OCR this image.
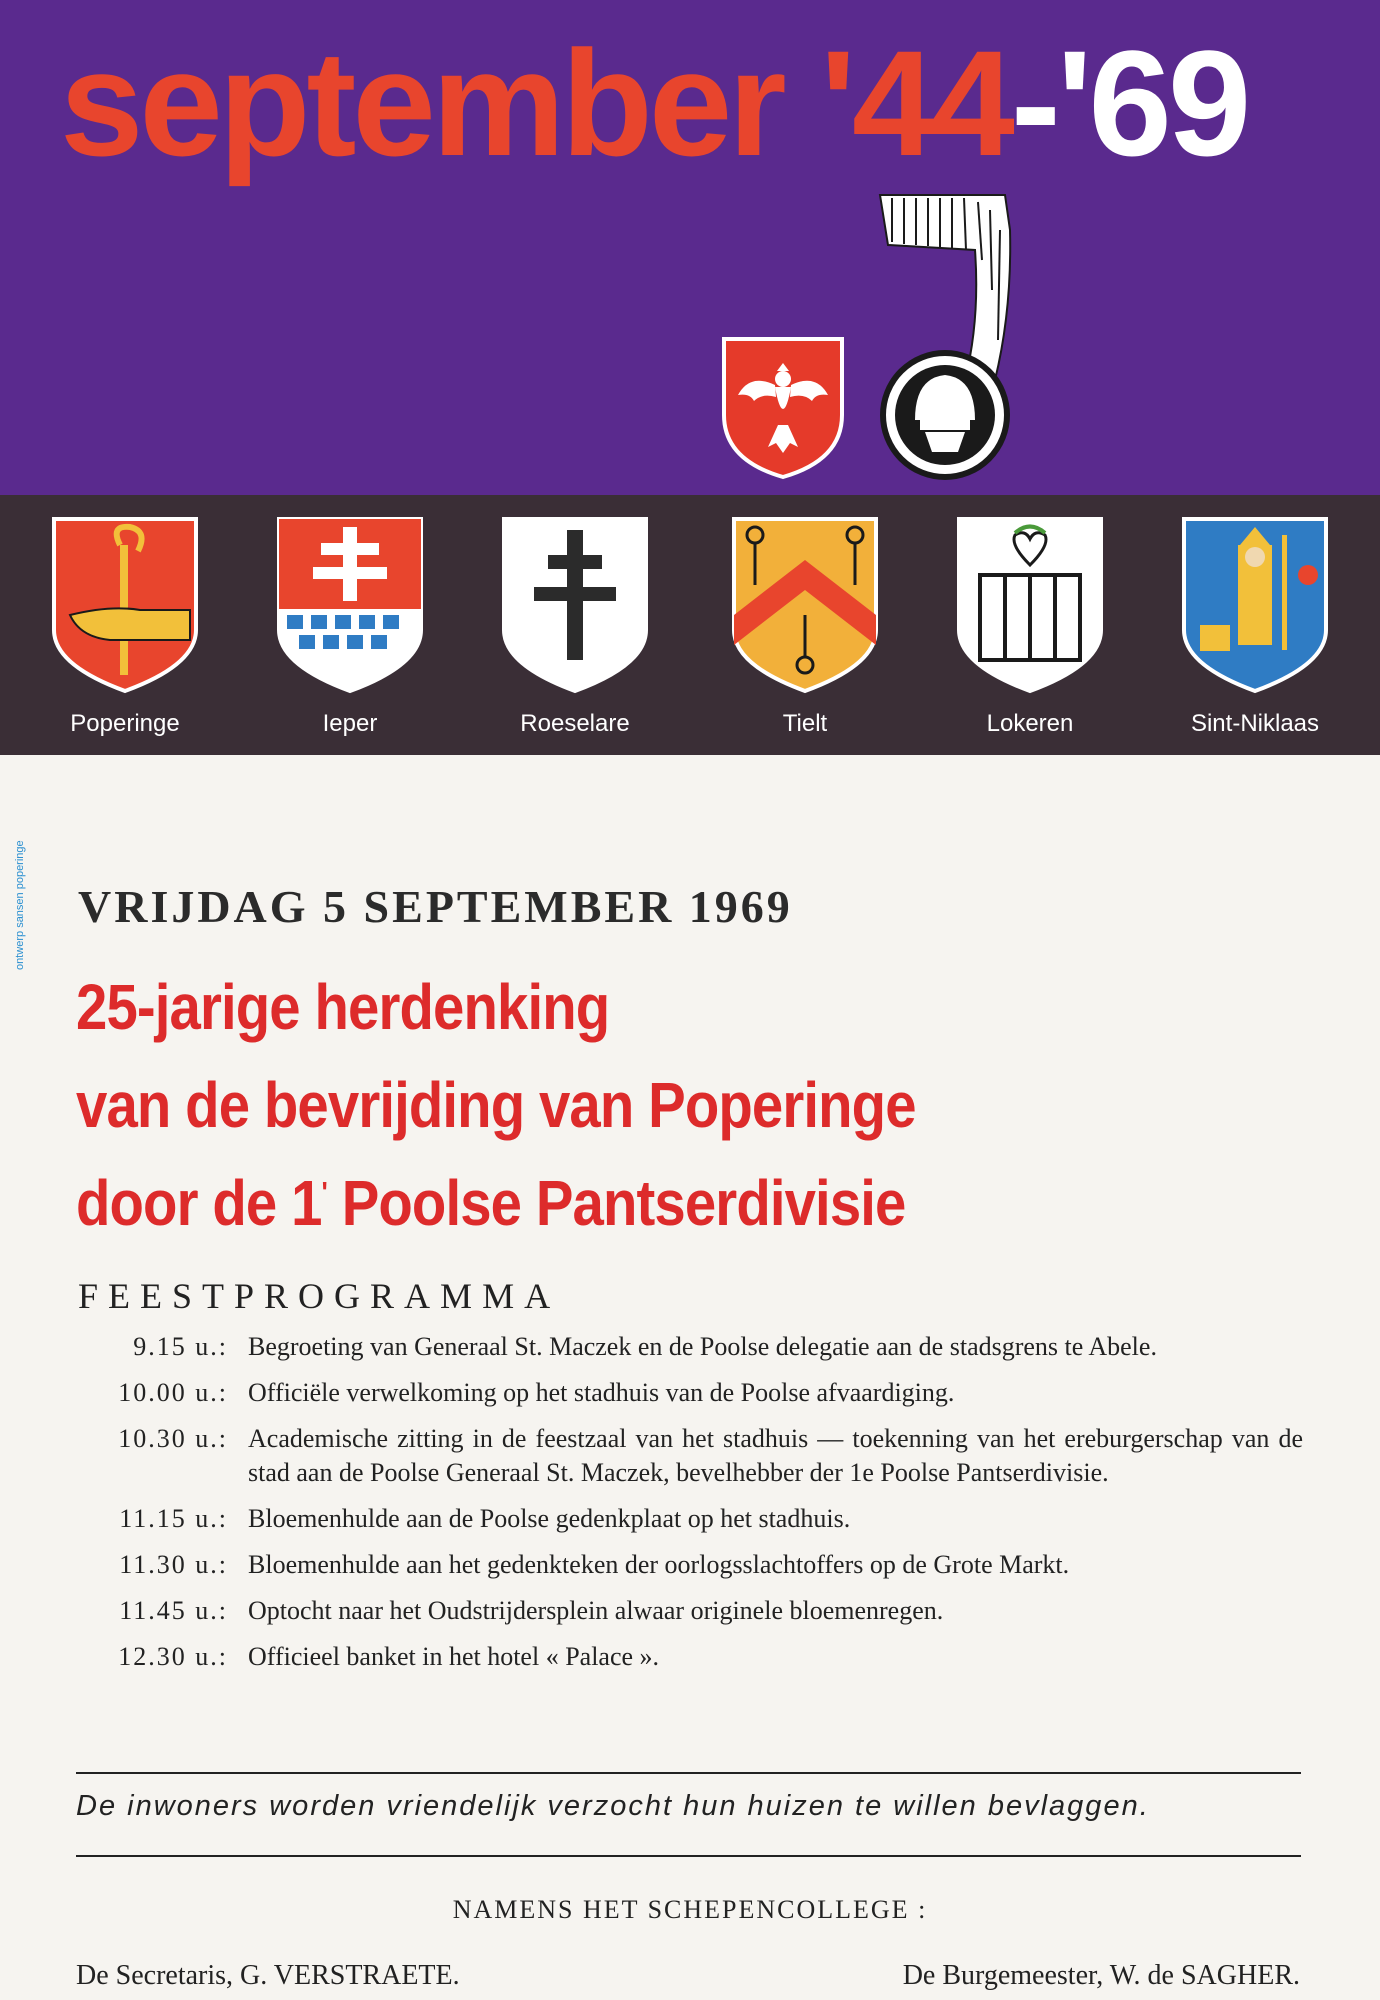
september '44-'69
Poperinge	Ieper	Roeselare	Tielt	Lokeren	Sint-Niklaas
ontwerp sansen poperinge VRIJDAG 5 SEPTEMBER 1969
25-jarige herdenking
van de bevrijding van Poperinge
door de 1' Poolse Pantserdivisie
FEESTPROGRAMMA
9.15 u.: Begroeting van Generaal St. Maczek en de Poolse delegatie aan de stadsgrens te Abele.
10.00 u.: Officiële verwelkoming op het stadhuis van de Poolse afvaardiging.
10.30 u.: Academische zitting in de feestzaal van het stadhuis — toekenning van het ereburgerschap van de stad aan de Poolse Generaal St. Maczek, bevelhebber der 1e Poolse Pantserdivisie.
11.15 u.: Bloemenhulde aan de Poolse gedenkplaat op het stadhuis.
11.30 u.: Bloemenhulde aan het gedenkteken der oorlogsslachtoffers op de Grote Markt.
11.45 u.: Optocht naar het Oudstrijdersplein alwaar originele bloemenregen.
12.30 u.: Officieel banket in het hotel « Palace ».
De inwoners worden vriendelijk verzocht hun huizen te willen bevlaggen.
NAMENS HET SCHEPENCOLLEGE :
De Secretaris, G. VERSTRAETE.	De Burgemeester, W. de SAGHER.
